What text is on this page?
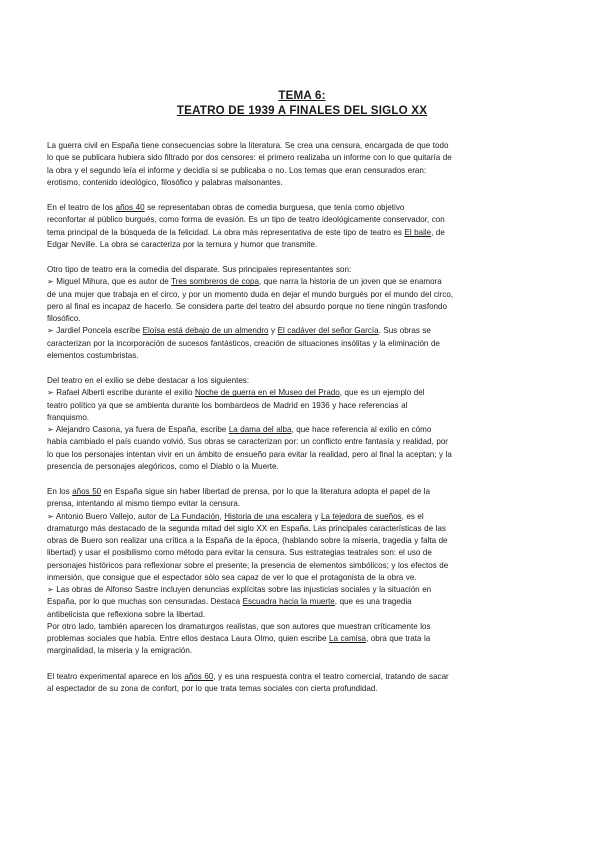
TEMA 6:
TEATRO DE 1939 A FINALES DEL SIGLO XX
La guerra civil en España tiene consecuencias sobre la literatura. Se crea una censura, encargada de que todo
lo que se publicara hubiera sido filtrado por dos censores: el primero realizaba un informe con lo que quitaría de
la obra y el segundo leía el informe y decidía si se publicaba o no. Los temas que eran censurados eran:
erotismo, contenido ideológico, filosófico y palabras malsonantes.
En el teatro de los años 40 se representaban obras de comedia burguesa, que tenía como objetivo
reconfortar al público burgués, como forma de evasión. Es un tipo de teatro ideológicamente conservador, con
tema principal de la búsqueda de la felicidad. La obra más representativa de este tipo de teatro es El baile, de
Edgar Neville. La obra se caracteriza por la ternura y humor que transmite.
Otro tipo de teatro era la comedia del disparate. Sus principales representantes son:
➢ Miguel Mihura, que es autor de Tres sombreros de copa, que narra la historia de un joven que se enamora
de una mujer que trabaja en el circo, y por un momento duda en dejar el mundo burgués por el mundo del circo,
pero al final es incapaz de hacerlo. Se considera parte del teatro del absurdo porque no tiene ningún trasfondo
filosófico.
➢ Jardiel Poncela escribe Eloísa está debajo de un almendro y El cadáver del señor García. Sus obras se
caracterizan por la incorporación de sucesos fantásticos, creación de situaciones insólitas y la eliminación de
elementos costumbristas.
Del teatro en el exilio se debe destacar a los siguientes:
➢ Rafael Alberti escribe durante el exilio Noche de guerra en el Museo del Prado, que es un ejemplo del
teatro político ya que se ambienta durante los bombardeos de Madrid en 1936 y hace referencias al
franquismo.
➢ Alejandro Casona, ya fuera de España, escribe La dama del alba, que hace referencia al exilio en cómo
había cambiado el país cuando volvió. Sus obras se caracterizan por: un conflicto entre fantasía y realidad, por
lo que los personajes intentan vivir en un ámbito de ensueño para evitar la realidad, pero al final la aceptan; y la
presencia de personajes alegóricos, como el Diablo o la Muerte.
En los años 50 en España sigue sin haber libertad de prensa, por lo que la literatura adopta el papel de la
prensa, intentando al mismo tiempo evitar la censura.
➢ Antonio Buero Vallejo, autor de La Fundación, Historia de una escalera y La tejedora de sueños, es el
dramaturgo más destacado de la segunda mitad del siglo XX en España. Las principales características de las
obras de Buero son realizar una crítica a la España de la época, (hablando sobre la miseria, tragedia y falta de
libertad) y usar el posibilismo como método para evitar la censura. Sus estrategias teatrales son: el uso de
personajes históricos para reflexionar sobre el presente; la presencia de elementos simbólicos; y los efectos de
inmersión, que consigue que el espectador sólo sea capaz de ver lo que el protagonista de la obra ve.
➢ Las obras de Alfonso Sastre incluyen denuncias explícitas sobre las injusticias sociales y la situación en
España, por lo que muchas son censuradas. Destaca Escuadra hacia la muerte, que es una tragedia
antibelicista que reflexiona sobre la libertad.
Por otro lado, también aparecen los dramaturgos realistas, que son autores que muestran críticamente los
problemas sociales que había. Entre ellos destaca Laura Olmo, quien escribe La camisa, obra que trata la
marginalidad, la miseria y la emigración.
El teatro experimental aparece en los años 60, y es una respuesta contra el teatro comercial, tratando de sacar
al espectador de su zona de confort, por lo que trata temas sociales con cierta profundidad.
